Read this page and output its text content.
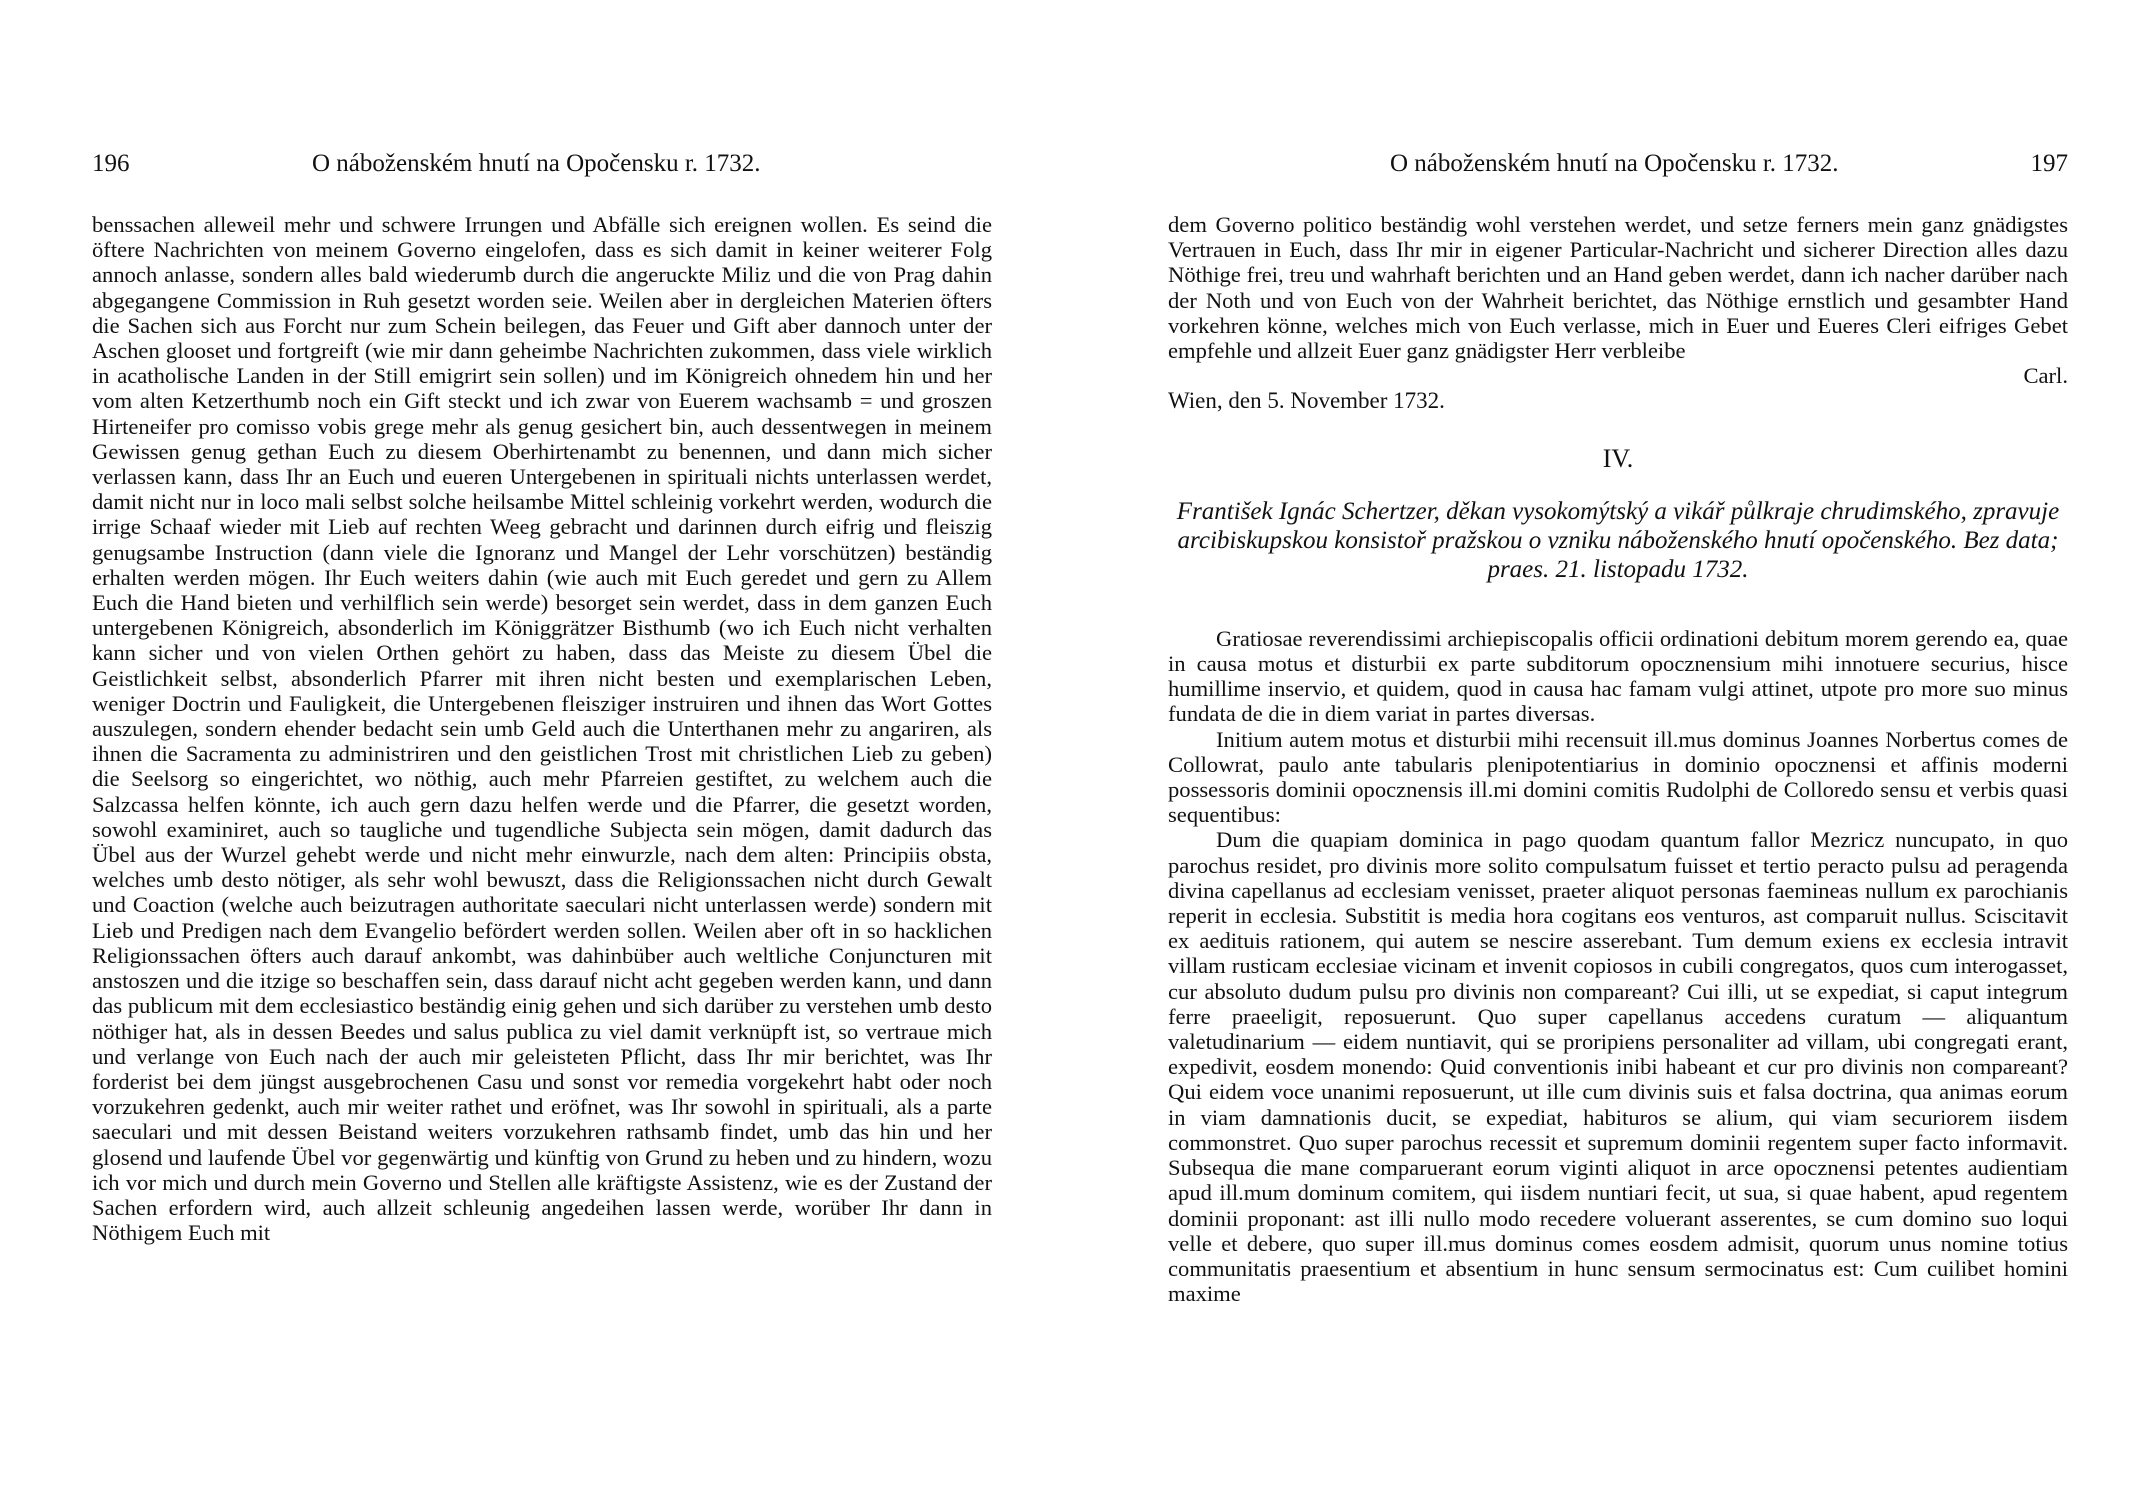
196	O náboženském hnutí na Opočensku r. 1732.

benssachen alleweil mehr und schwere Irrungen und Abfälle sich ereignen wollen. Es seind die öftere Nachrichten von meinem Governo eingelofen, dass es sich damit in keiner weiterer Folg annoch anlasse, sondern alles bald wiederumb durch die angeruckte Miliz und die von Prag dahin abgegangene Commission in Ruh gesetzt worden seie. Weilen aber in dergleichen Materien öfters die Sachen sich aus Forcht nur zum Schein beilegen, das Feuer und Gift aber dannoch unter der Aschen glooset und fortgreift (wie mir dann geheimbe Nachrichten zukommen, dass viele wirklich in acatholische Landen in der Still emigrirt sein sollen) und im Königreich ohnedem hin und her vom alten Ketzerthumb noch ein Gift steckt und ich zwar von Euerem wachsamb = und groszen Hirteneifer pro comisso vobis grege mehr als genug gesichert bin, auch dessentwegen in meinem Gewissen genug gethan Euch zu diesem Oberhirtenambt zu benennen, und dann mich sicher verlassen kann, dass Ihr an Euch und eueren Untergebenen in spirituali nichts unterlassen werdet, damit nicht nur in loco mali selbst solche heilsambe Mittel schleinig vorkehrt werden, wodurch die irrige Schaaf wieder mit Lieb auf rechten Weeg gebracht und darinnen durch eifrig und fleiszig genugsambe Instruction (dann viele die Ignoranz und Mangel der Lehr vorschützen) beständig erhalten werden mögen. Ihr Euch weiters dahin (wie auch mit Euch geredet und gern zu Allem Euch die Hand bieten und verhilflich sein werde) besorget sein werdet, dass in dem ganzen Euch untergebenen Königreich, absonderlich im Königgrätzer Bisthumb (wo ich Euch nicht verhalten kann sicher und von vielen Orthen gehört zu haben, dass das Meiste zu diesem Übel die Geistlichkeit selbst, absonderlich Pfarrer mit ihren nicht besten und exemplarischen Leben, weniger Doctrin und Fauligkeit, die Untergebenen fleisziger instruiren und ihnen das Wort Gottes auszulegen, sondern ehender bedacht sein umb Geld auch die Unterthanen mehr zu angariren, als ihnen die Sacramenta zu administriren und den geistlichen Trost mit christlichen Lieb zu geben) die Seelsorg so eingerichtet, wo nöthig, auch mehr Pfarreien gestiftet, zu welchem auch die Salzcassa helfen könnte, ich auch gern dazu helfen werde und die Pfarrer, die gesetzt worden, sowohl examiniret, auch so taugliche und tugendliche Subjecta sein mögen, damit dadurch das Übel aus der Wurzel gehebt werde und nicht mehr einwurzle, nach dem alten: Principiis obsta, welches umb desto nötiger, als sehr wohl bewuszt, dass die Religionssachen nicht durch Gewalt und Coaction (welche auch beizutragen authoritate saeculari nicht unterlassen werde) sondern mit Lieb und Predigen nach dem Evangelio befördert werden sollen. Weilen aber oft in so hacklichen Religionssachen öfters auch darauf ankombt, was dahinbüber auch weltliche Conjuncturen mit anstoszen und die itzige so beschaffen sein, dass darauf nicht acht gegeben werden kann, und dann das publicum mit dem ecclesiastico beständig einig gehen und sich darüber zu verstehen umb desto nöthiger hat, als in dessen Beedes und salus publica zu viel damit verknüpft ist, so vertraue mich und verlange von Euch nach der auch mir geleisteten Pflicht, dass Ihr mir berichtet, was Ihr forderist bei dem jüngst ausgebrochenen Casu und sonst vor remedia vorgekehrt habt oder noch vorzukehren gedenkt, auch mir weiter rathet und eröfnet, was Ihr sowohl in spirituali, als a parte saeculari und mit dessen Beistand weiters vorzukehren rathsamb findet, umb das hin und her glosend und laufende Übel vor gegenwärtig und künftig von Grund zu heben und zu hindern, wozu ich vor mich und durch mein Governo und Stellen alle kräftigste Assistenz, wie es der Zustand der Sachen erfordern wird, auch allzeit schleunig angedeihen lassen werde, worüber Ihr dann in Nöthigem Euch mit

O náboženském hnutí na Opočensku r. 1732.	197

dem Governo politico beständig wohl verstehen werdet, und setze ferners mein ganz gnädigstes Vertrauen in Euch, dass Ihr mir in eigener Particular-Nachricht und sicherer Direction alles dazu Nöthige frei, treu und wahrhaft berichten und an Hand geben werdet, dann ich nacher darüber nach der Noth und von Euch von der Wahrheit berichtet, das Nöthige ernstlich und gesambter Hand vorkehren könne, welches mich von Euch verlasse, mich in Euer und Eueres Cleri eifriges Gebet empfehle und allzeit Euer ganz gnädigster Herr verbleibe

Carl.

Wien, den 5. November 1732.

IV.
František Ignác Schertzer, děkan vysokomýtský a vikář půlkraje chrudimského, zpravuje arcibiskupskou konsistoř pražskou o vzniku náboženského hnutí opočenského. Bez data; praes. 21. listopadu 1732.

Gratiosae reverendissimi archiepiscopalis officii ordinationi debitum morem gerendo ea, quae in causa motus et disturbii ex parte subditorum opocznensium mihi innotuere securius, hisce humillime inservio, et quidem, quod in causa hac famam vulgi attinet, utpote pro more suo minus fundata de die in diem variat in partes diversas.

Initium autem motus et disturbii mihi recensuit ill.mus dominus Joannes Norbertus comes de Collowrat, paulo ante tabularis plenipotentiarius in dominio opocznensi et affinis moderni possessoris dominii opocznensis ill.mi domini comitis Rudolphi de Colloredo sensu et verbis quasi sequentibus:

Dum die quapiam dominica in pago quodam quantum fallor Mezricz nuncupato, in quo parochus residet, pro divinis more solito compulsatum fuisset et tertio peracto pulsu ad peragenda divina capellanus ad ecclesiam venisset, praeter aliquot personas faemineas nullum ex parochianis reperit in ecclesia. Substitit is media hora cogitans eos venturos, ast comparuit nullus. Sciscitavit ex aedituis rationem, qui autem se nescire asserebant. Tum demum exiens ex ecclesia intravit villam rusticam ecclesiae vicinam et invenit copiosos in cubili congregatos, quos cum interogasset, cur absoluto dudum pulsu pro divinis non compareant? Cui illi, ut se expediat, si caput integrum ferre praeeligit, reposuerunt. Quo super capellanus accedens curatum — aliquantum valetudinarium — eidem nuntiavit, qui se proripiens personaliter ad villam, ubi congregati erant, expedivit, eosdem monendo: Quid conventionis inibi habeant et cur pro divinis non compareant? Qui eidem voce unanimi reposuerunt, ut ille cum divinis suis et falsa doctrina, qua animas eorum in viam damnationis ducit, se expediat, habituros se alium, qui viam securiorem iisdem commonstret. Quo super parochus recessit et supremum dominii regentem super facto informavit. Subsequa die mane comparuerant eorum viginti aliquot in arce opocznensi petentes audientiam apud ill.mum dominum comitem, qui iisdem nuntiari fecit, ut sua, si quae habent, apud regentem dominii proponant: ast illi nullo modo recedere voluerant asserentes, se cum domino suo loqui velle et debere, quo super ill.mus dominus comes eosdem admisit, quorum unus nomine totius communitatis praesentium et absentium in hunc sensum sermocinatus est: Cum cuilibet homini maxime
